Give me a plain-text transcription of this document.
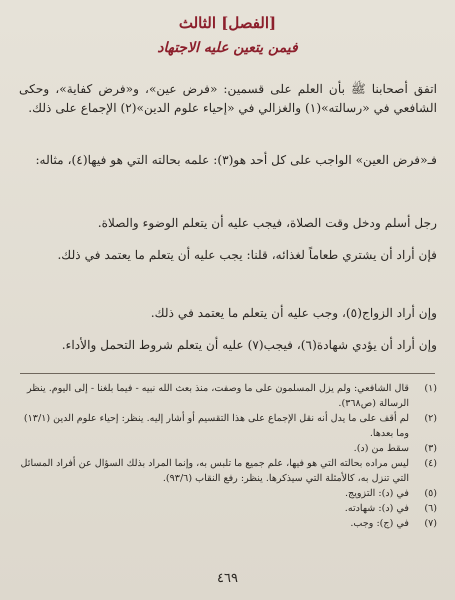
[الفصل] الثالث
فيمن يتعين عليه الاجتهاد
اتفق أصحابنا ﷺ بأن العلم على قسمين: «فرض عين»، و«فرض كفاية»، وحكى الشافعي في «رسالته»(١) والغزالي في «إحياء علوم الدين»(٢) الإجماع على ذلك.
فـ«فرض العين» الواجب على كل أحد هو(٣): علمه بحالته التي هو فيها(٤)، مثاله:
رجل أسلم ودخل وقت الصلاة، فيجب عليه أن يتعلم الوضوء والصلاة.
فإن أراد أن يشتري طعاماً لغذائه، قلنا: يجب عليه أن يتعلم ما يعتمد في ذلك.
وإن أراد الزواج(٥)، وجب عليه أن يتعلم ما يعتمد في ذلك.
وإن أراد أن يؤدي شهادة(٦)، فيجب(٧) عليه أن يتعلم شروط التحمل والأداء.
(١)
قال الشافعي: ولم يزل المسلمون على ما وصفت، منذ بعث الله نبيه - فيما بلغنا - إلى اليوم. ينظر الرسالة (ص٣٦٨).
(٢)
لم أقف على ما يدل أنه نقل الإجماع على هذا التقسيم أو أشار إليه. ينظر: إحياء علوم الدين (١٣/١) وما بعدها.
(٣)
سقط من (د).
(٤)
ليس مراده بحالته التي هو فيها، علم جميع ما تلبس به، وإنما المراد بذلك السؤال عن أفراد المسائل التي تنزل به، كالأمثلة التي سيذكرها. ينظر: رفع النقاب (٩٣/٦).
(٥)
في (د): التزويج.
(٦)
في (د): شهادته.
(٧)
في (ج): وجب.
٤٦٩
